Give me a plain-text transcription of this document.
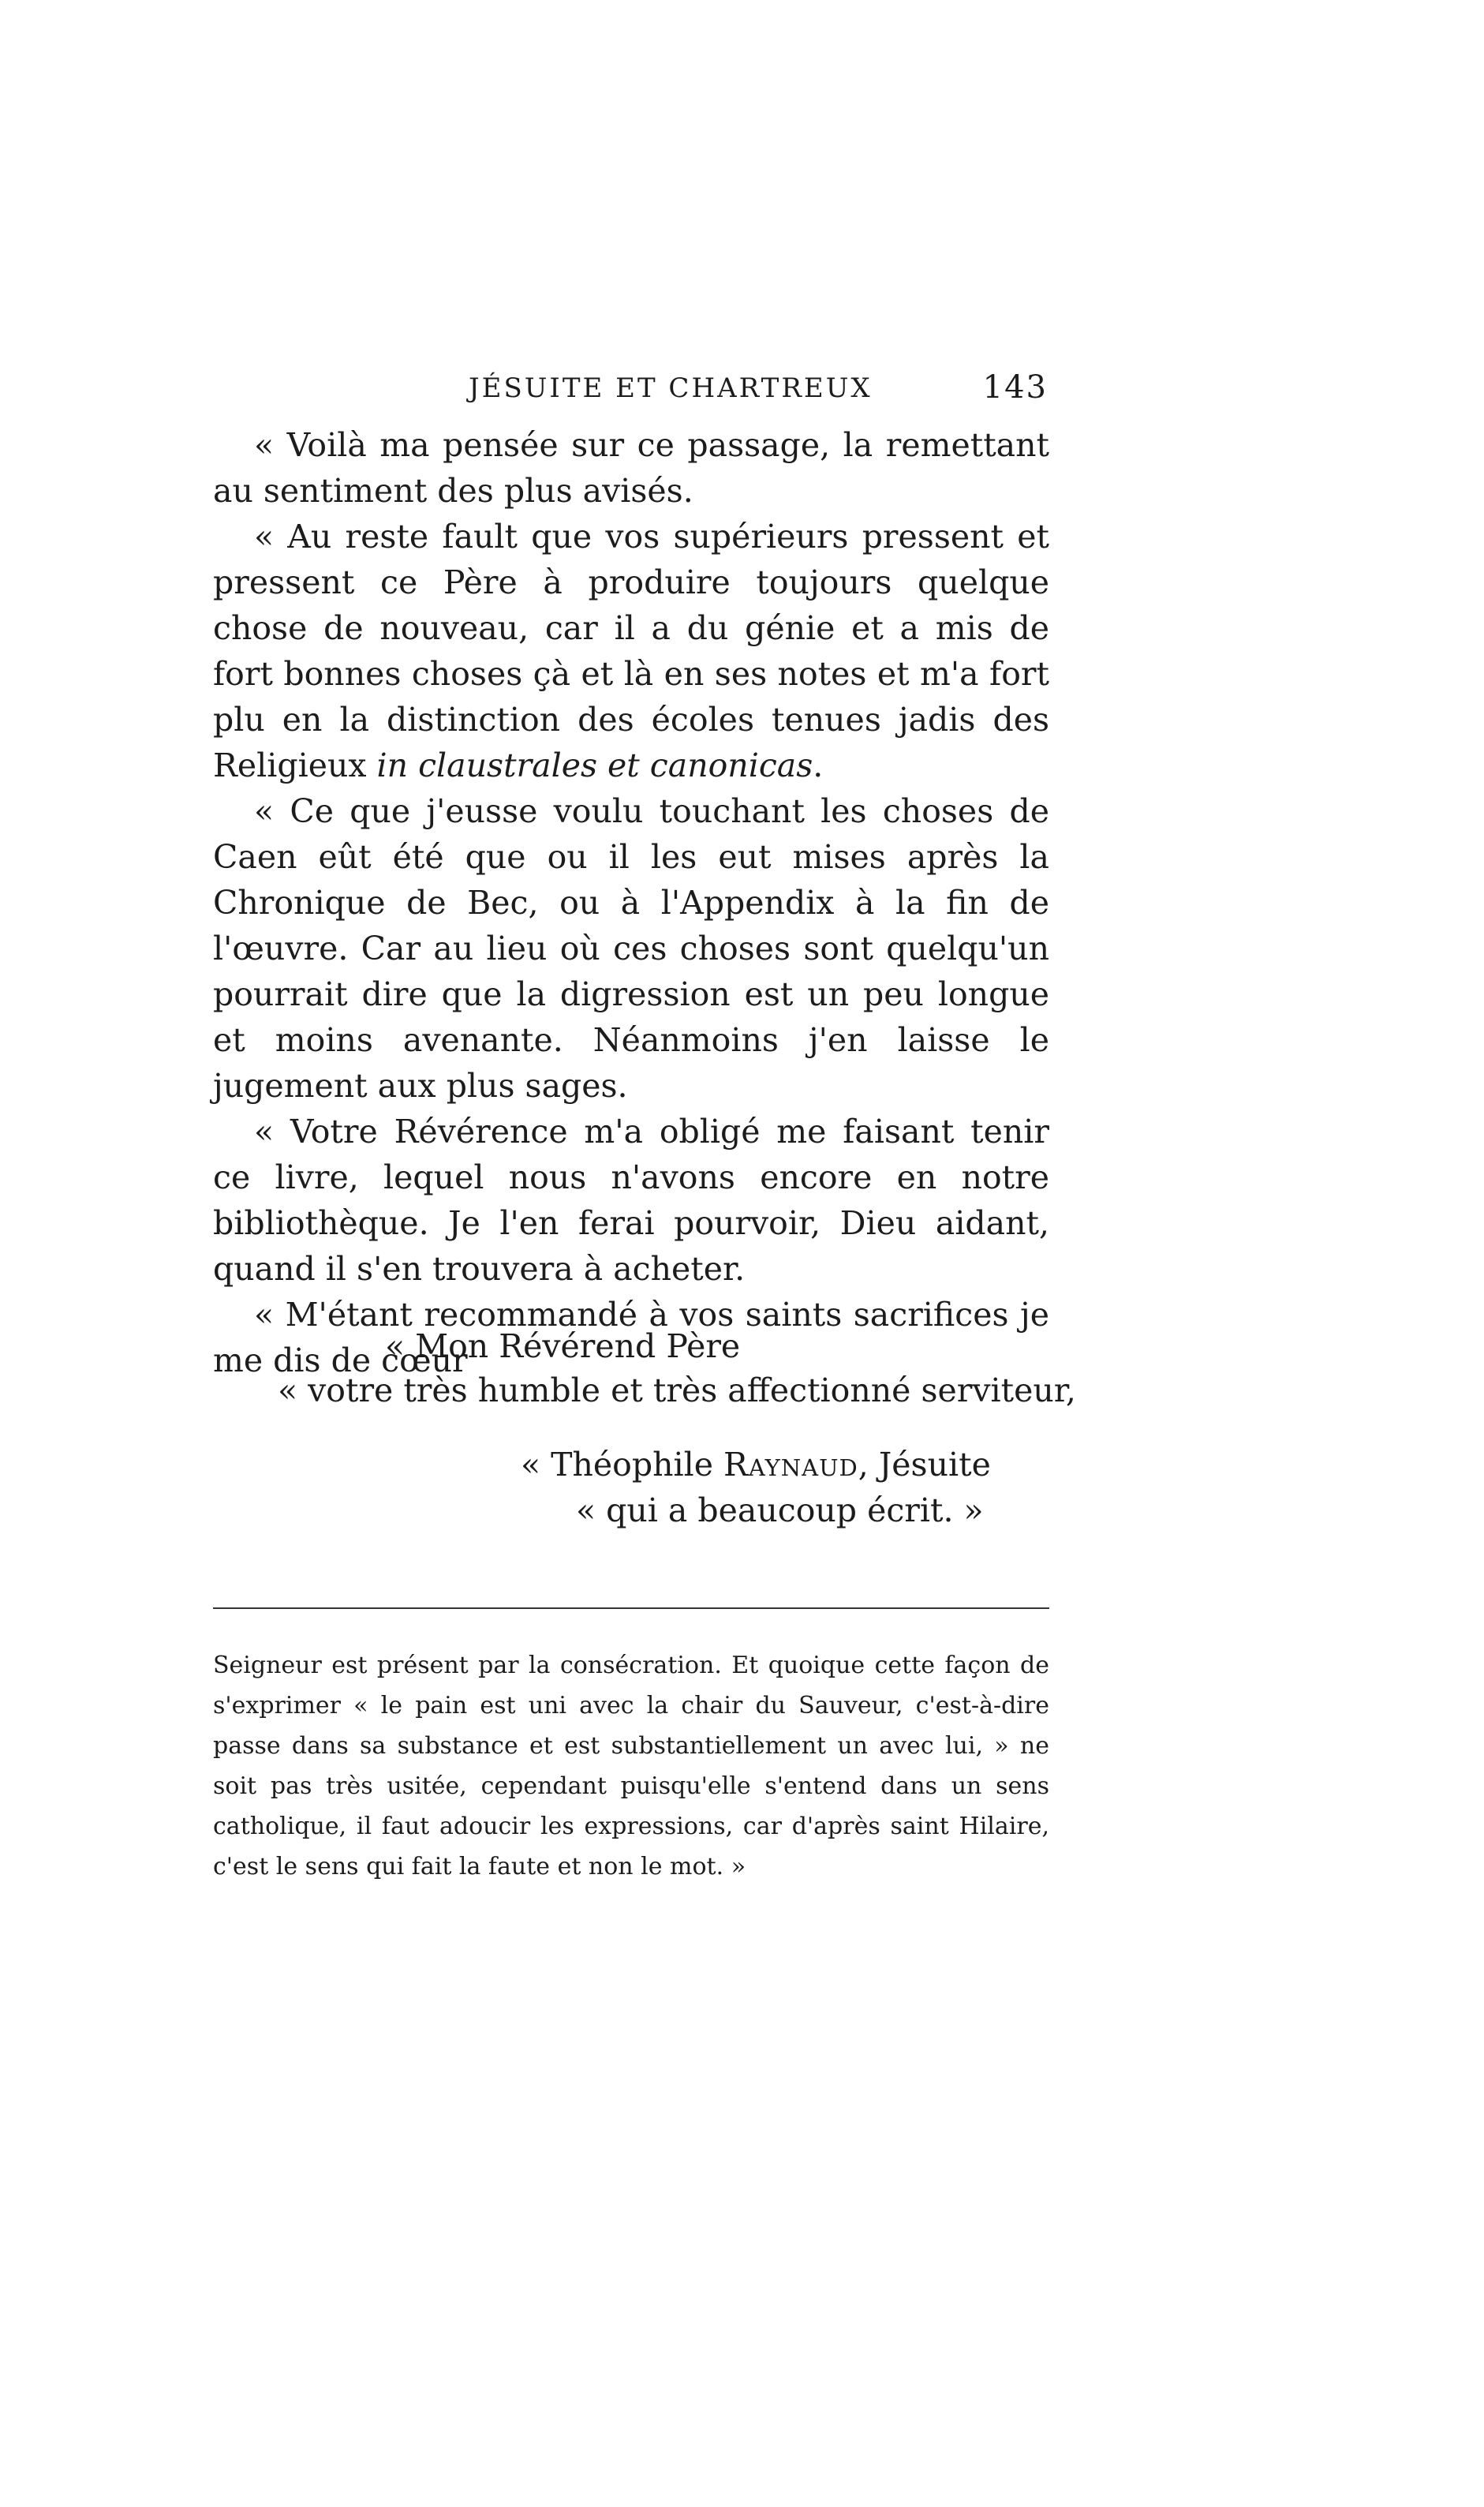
JÉSUITE ET CHARTREUX	143

« Voilà ma pensée sur ce passage, la remettant au sentiment des plus avisés.

« Au reste fault que vos supérieurs pressent et pressent ce Père à produire toujours quelque chose de nouveau, car il a du génie et a mis de fort bonnes choses çà et là en ses notes et m'a fort plu en la distinction des écoles tenues jadis des Religieux in claustrales et canonicas.

« Ce que j'eusse voulu touchant les choses de Caen eût été que ou il les eut mises après la Chronique de Bec, ou à l'Appendix à la fin de l'œuvre. Car au lieu où ces choses sont quelqu'un pourrait dire que la digression est un peu longue et moins avenante. Néanmoins j'en laisse le jugement aux plus sages.

« Votre Révérence m'a obligé me faisant tenir ce livre, lequel nous n'avons encore en notre bibliothèque. Je l'en ferai pourvoir, Dieu aidant, quand il s'en trouvera à acheter.

« M'étant recommandé à vos saints sacrifices je me dis de cœur

« Mon Révérend Père
« votre très humble et très affectionné serviteur,
« Théophile Raynaud, Jésuite
« qui a beaucoup écrit. »
Seigneur est présent par la consécration. Et quoique cette façon de s'exprimer « le pain est uni avec la chair du Sauveur, c'est-à-dire passe dans sa substance et est substantiellement un avec lui, » ne soit pas très usitée, cependant puisqu'elle s'entend dans un sens catholique, il faut adoucir les expressions, car d'après saint Hilaire, c'est le sens qui fait la faute et non le mot. »
